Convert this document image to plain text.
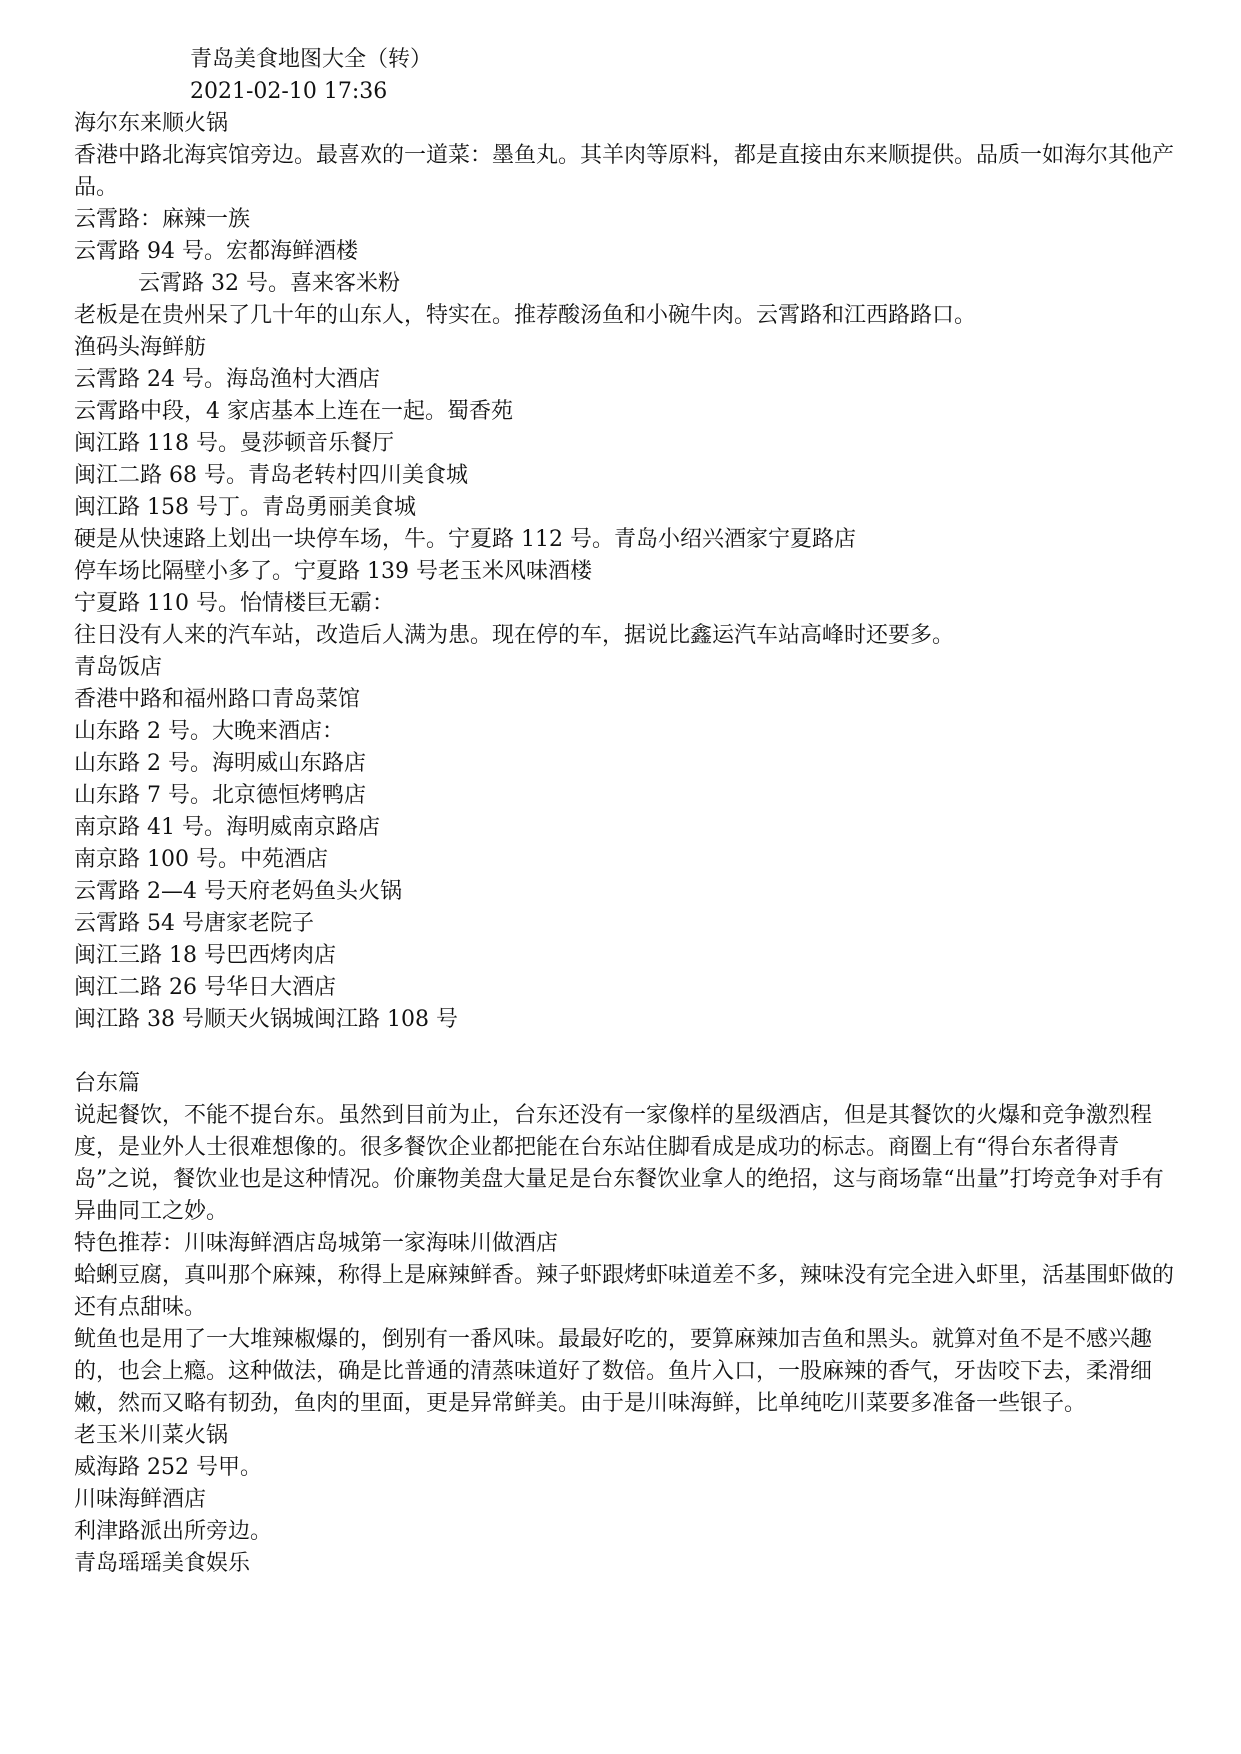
青岛美食地图大全（转）
2021-02-10 17:36
海尔东来顺火锅
香港中路北海宾馆旁边。最喜欢的一道菜：墨鱼丸。其羊肉等原料，都是直接由东来顺提供。品质一如海尔其他产品。
云霄路：麻辣一族
云霄路 94 号。宏都海鲜酒楼
云霄路 32 号。喜来客米粉
老板是在贵州呆了几十年的山东人，特实在。推荐酸汤鱼和小碗牛肉。云霄路和江西路路口。
渔码头海鲜舫
云霄路 24 号。海岛渔村大酒店
云霄路中段，4 家店基本上连在一起。蜀香苑
闽江路 118 号。曼莎顿音乐餐厅
闽江二路 68 号。青岛老转村四川美食城
闽江路 158 号丁。青岛勇丽美食城
硬是从快速路上划出一块停车场，牛。宁夏路 112 号。青岛小绍兴酒家宁夏路店
停车场比隔壁小多了。宁夏路 139 号老玉米风味酒楼
宁夏路 110 号。怡情楼巨无霸：
往日没有人来的汽车站，改造后人满为患。现在停的车，据说比鑫运汽车站高峰时还要多。
青岛饭店
香港中路和福州路口青岛菜馆
山东路 2 号。大晚来酒店：
山东路 2 号。海明威山东路店
山东路 7 号。北京德恒烤鸭店
南京路 41 号。海明威南京路店
南京路 100 号。中苑酒店
云霄路 2—4 号天府老妈鱼头火锅
云霄路 54 号唐家老院子
闽江三路 18 号巴西烤肉店
闽江二路 26 号华日大酒店
闽江路 38 号顺天火锅城闽江路 108 号
台东篇
说起餐饮，不能不提台东。虽然到目前为止，台东还没有一家像样的星级酒店，但是其餐饮的火爆和竞争激烈程度，是业外人士很难想像的。很多餐饮企业都把能在台东站住脚看成是成功的标志。商圈上有“得台东者得青岛”之说，餐饮业也是这种情况。价廉物美盘大量足是台东餐饮业拿人的绝招，这与商场靠“出量”打垮竞争对手有异曲同工之妙。
特色推荐：川味海鲜酒店岛城第一家海味川做酒店
蛤蜊豆腐，真叫那个麻辣，称得上是麻辣鲜香。辣子虾跟烤虾味道差不多，辣味没有完全进入虾里，活基围虾做的还有点甜味。
鱿鱼也是用了一大堆辣椒爆的，倒别有一番风味。最最好吃的，要算麻辣加吉鱼和黑头。就算对鱼不是不感兴趣的，也会上瘾。这种做法，确是比普通的清蒸味道好了数倍。鱼片入口，一股麻辣的香气，牙齿咬下去，柔滑细嫩，然而又略有韧劲，鱼肉的里面，更是异常鲜美。由于是川味海鲜，比单纯吃川菜要多准备一些银子。
老玉米川菜火锅
威海路 252 号甲。
川味海鲜酒店
利津路派出所旁边。
青岛瑶瑶美食娱乐
